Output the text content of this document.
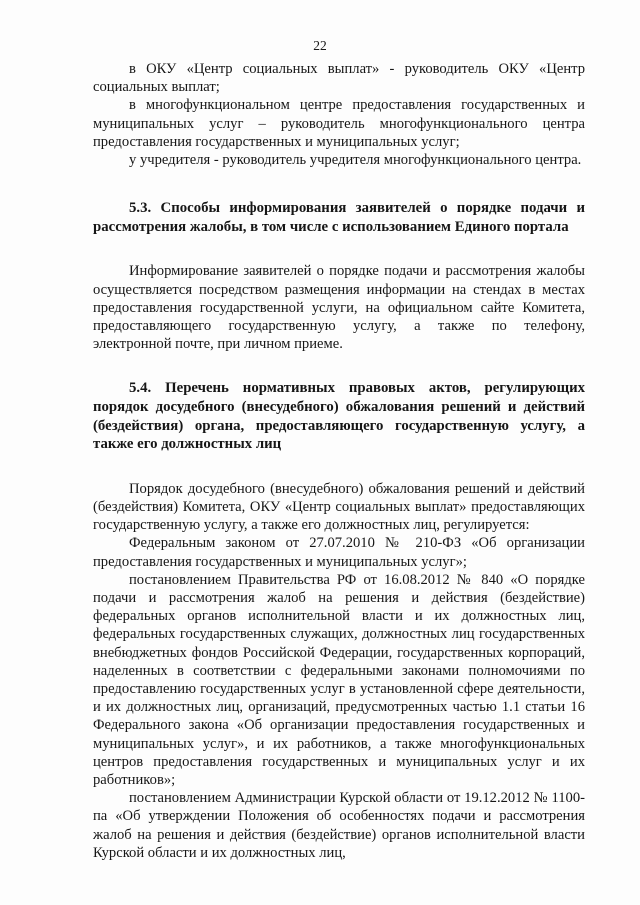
22

в ОКУ «Центр социальных выплат» - руководитель ОКУ «Центр социальных выплат;

в многофункциональном центре предоставления государственных и муниципальных услуг – руководитель многофункционального центра предоставления государственных и муниципальных услуг;

у учредителя - руководитель учредителя многофункционального центра.

5.3. Способы информирования заявителей о порядке подачи и рассмотрения жалобы, в том числе с использованием Единого портала

Информирование заявителей о порядке подачи и рассмотрения жалобы осуществляется посредством размещения информации на стендах в местах предоставления государственной услуги, на официальном сайте Комитета, предоставляющего государственную услугу, а также по телефону, электронной почте, при личном приеме.

5.4. Перечень нормативных правовых актов, регулирующих порядок досудебного (внесудебного) обжалования решений и действий (бездействия) органа, предоставляющего государственную услугу, а также его должностных лиц

Порядок досудебного (внесудебного) обжалования решений и действий (бездействия) Комитета, ОКУ «Центр социальных выплат» предоставляющих государственную услугу, а также его должностных лиц, регулируется:

Федеральным законом от 27.07.2010 № 210-ФЗ «Об организации предоставления государственных и муниципальных услуг»;

постановлением Правительства РФ от 16.08.2012 № 840 «О порядке подачи и рассмотрения жалоб на решения и действия (бездействие) федеральных органов исполнительной власти и их должностных лиц, федеральных государственных служащих, должностных лиц государственных внебюджетных фондов Российской Федерации, государственных корпораций, наделенных в соответствии с федеральными законами полномочиями по предоставлению государственных услуг в установленной сфере деятельности, и их должностных лиц, организаций, предусмотренных частью 1.1 статьи 16 Федерального закона «Об организации предоставления государственных и муниципальных услуг», и их работников, а также многофункциональных центров предоставления государственных и муниципальных услуг и их работников»;

постановлением Администрации Курской области от 19.12.2012 № 1100-па «Об утверждении Положения об особенностях подачи и рассмотрения жалоб на решения и действия (бездействие) органов исполнительной власти Курской области и их должностных лиц,
